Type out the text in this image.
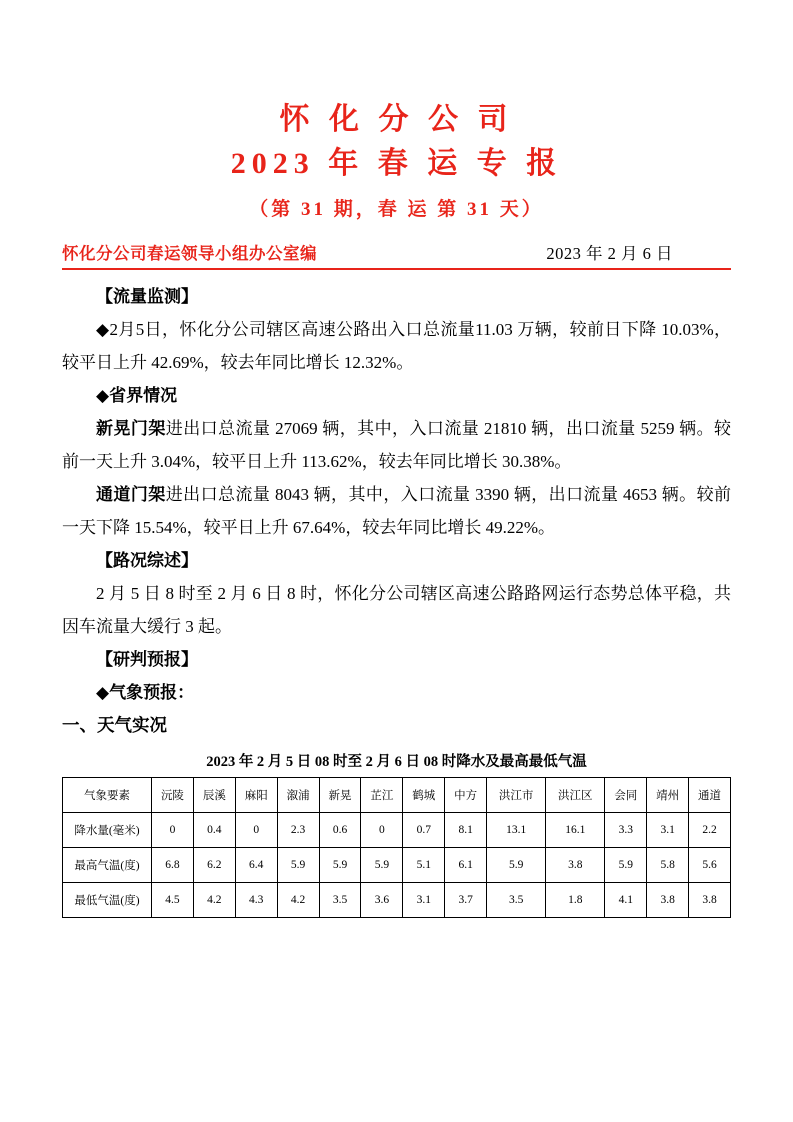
怀 化 分 公 司
2023 年 春 运 专 报
（第 31 期，春 运 第 31 天）
怀化分公司春运领导小组办公室编	2023 年 2 月 6 日

【流量监测】

◆2月5日，怀化分公司辖区高速公路出入口总流量11.03 万辆，较前日下降 10.03%，较平日上升 42.69%，较去年同比增长 12.32%。

◆省界情况

新晃门架进出口总流量 27069 辆，其中，入口流量 21810 辆，出口流量 5259 辆。较前一天上升 3.04%，较平日上升 113.62%，较去年同比增长 30.38%。

通道门架进出口总流量 8043 辆，其中，入口流量 3390 辆，出口流量 4653 辆。较前一天下降 15.54%，较平日上升 67.64%，较去年同比增长 49.22%。

【路况综述】

2 月 5 日 8 时至 2 月 6 日 8 时，怀化分公司辖区高速公路路网运行态势总体平稳，共因车流量大缓行 3 起。

【研判预报】

◆气象预报：

一、天气实况

2023 年 2 月 5 日 08 时至 2 月 6 日 08 时降水及最高最低气温
气象要素	沅陵	辰溪	麻阳	溆浦	新晃	芷江	鹤城	中方	洪江市	洪江区	会同	靖州	通道
降水量(毫米)	0	0.4	0	2.3	0.6	0	0.7	8.1	13.1	16.1	3.3	3.1	2.2
最高气温(度)	6.8	6.2	6.4	5.9	5.9	5.9	5.1	6.1	5.9	3.8	5.9	5.8	5.6
最低气温(度)	4.5	4.2	4.3	4.2	3.5	3.6	3.1	3.7	3.5	1.8	4.1	3.8	3.8
